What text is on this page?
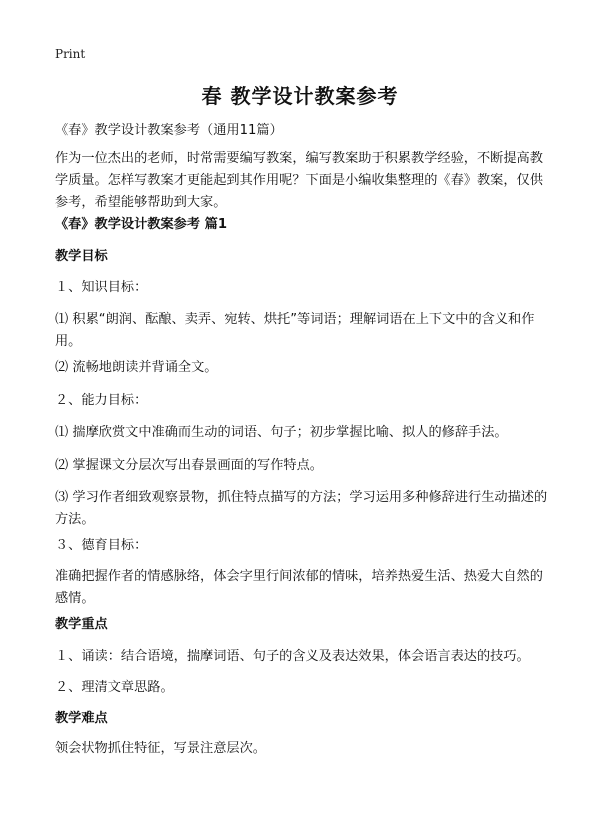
Print
春 教学设计教案参考
《春》教学设计教案参考（通用11篇）
作为一位杰出的老师，时常需要编写教案，编写教案助于积累教学经验，不断提高教学质量。怎样写教案才更能起到其作用呢？下面是小编收集整理的《春》教案，仅供参考，希望能够帮助到大家。
《春》教学设计教案参考 篇1
教学目标
１、知识目标：
⑴ 积累“朗润、酝酿、卖弄、宛转、烘托”等词语；理解词语在上下文中的含义和作用。
⑵ 流畅地朗读并背诵全文。
２、能力目标：
⑴ 揣摩欣赏文中准确而生动的词语、句子；初步掌握比喻、拟人的修辞手法。
⑵ 掌握课文分层次写出春景画面的写作特点。
⑶ 学习作者细致观察景物，抓住特点描写的方法；学习运用多种修辞进行生动描述的方法。
３、德育目标：
准确把握作者的情感脉络，体会字里行间浓郁的情味，培养热爱生活、热爱大自然的感情。
教学重点
１、诵读：结合语境，揣摩词语、句子的含义及表达效果，体会语言表达的技巧。
２、理清文章思路。
教学难点
领会状物抓住特征，写景注意层次。
